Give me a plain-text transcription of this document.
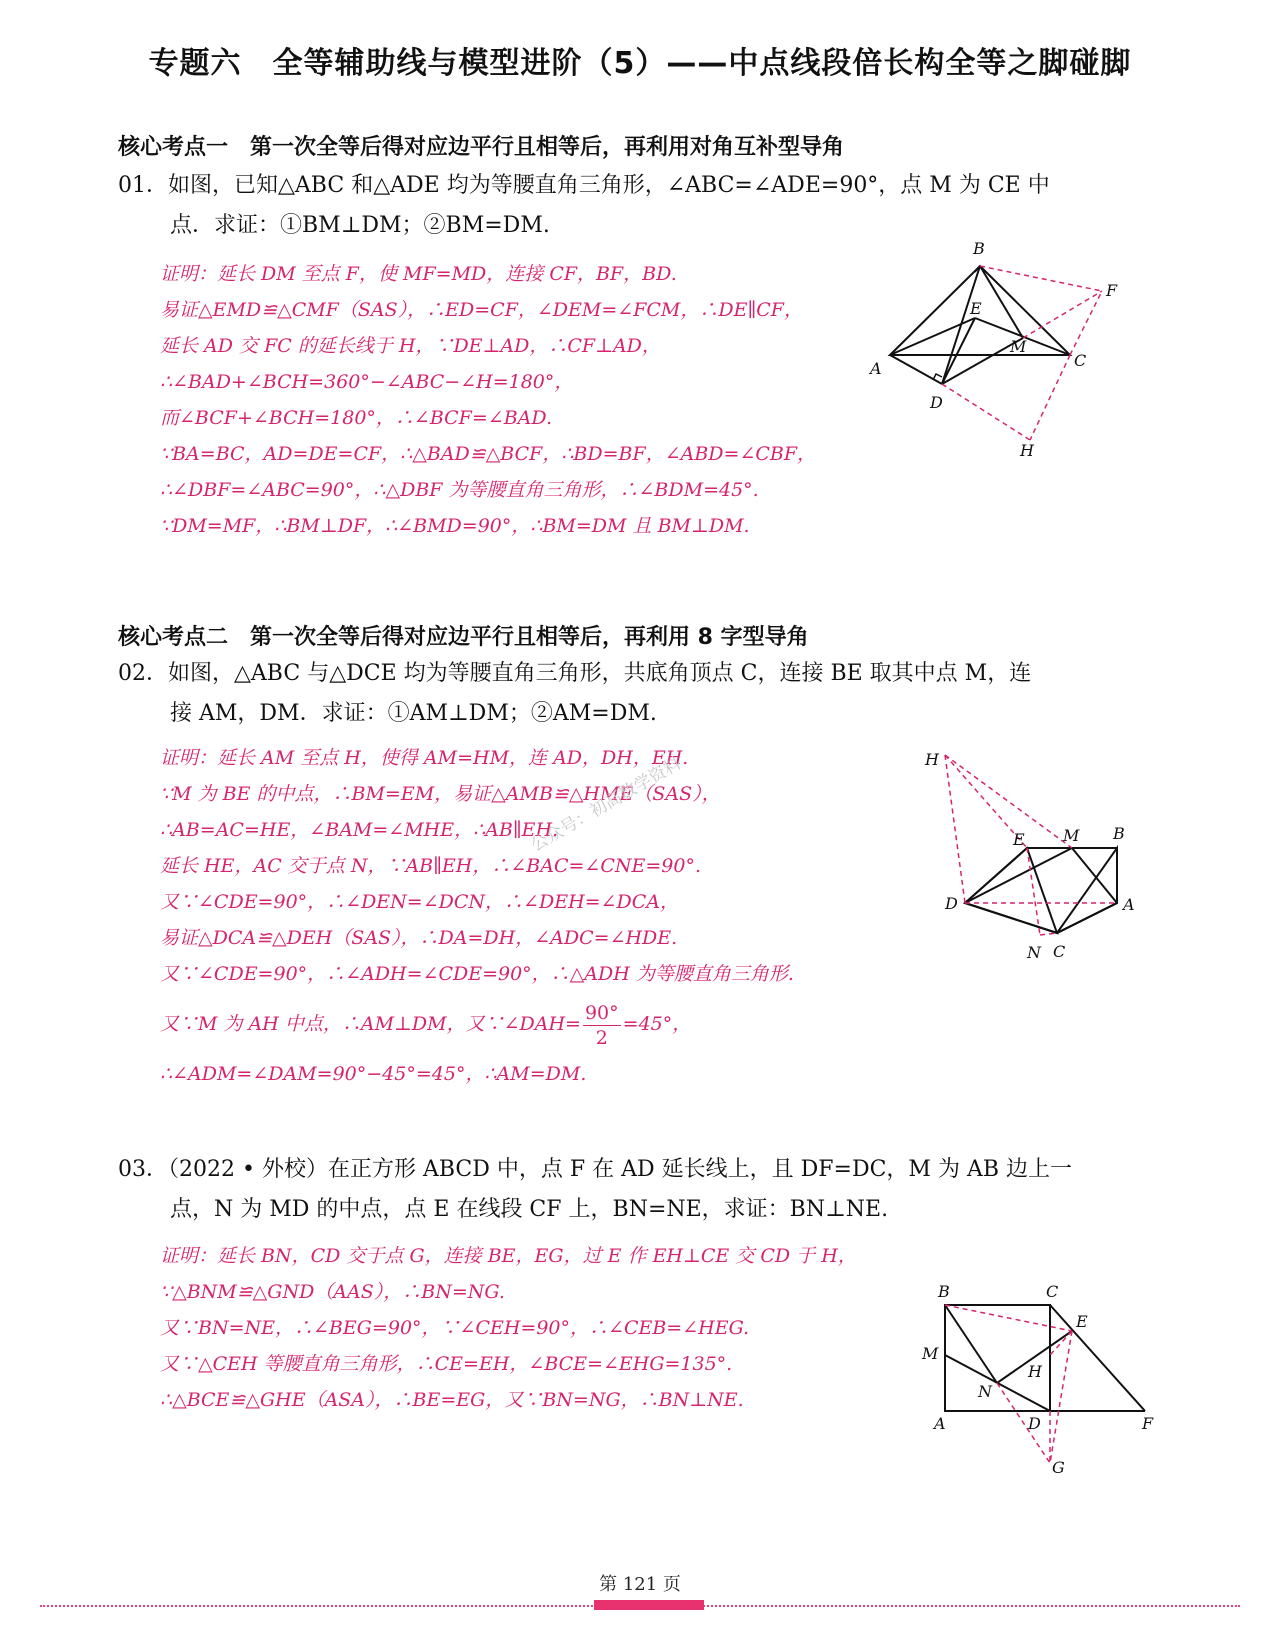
专题六　全等辅助线与模型进阶（5）——中点线段倍长构全等之脚碰脚
核心考点一　第一次全等后得对应边平行且相等后，再利用对角互补型导角
01．如图，已知△ABC 和△ADE 均为等腰直角三角形，∠ABC=∠ADE=90°，点 M 为 CE 中
点．求证：①BM⊥DM；②BM=DM.
证明：延长 DM 至点 F，使 MF=MD，连接 CF，BF，BD.
易证△EMD≌△CMF（SAS），∴ED=CF，∠DEM=∠FCM，∴DE∥CF，
延长 AD 交 FC 的延长线于 H，∵DE⊥AD，∴CF⊥AD，
∴∠BAD+∠BCH=360°−∠ABC−∠H=180°，
而∠BCF+∠BCH=180°，∴∠BCF=∠BAD.
∵BA=BC，AD=DE=CF，∴△BAD≌△BCF，∴BD=BF，∠ABD=∠CBF，
∴∠DBF=∠ABC=90°，∴△DBF 为等腰直角三角形，∴∠BDM=45°.
∵DM=MF，∴BM⊥DF，∴∠BMD=90°，∴BM=DM 且 BM⊥DM.
B
F
E
M
C
A
D
H
核心考点二　第一次全等后得对应边平行且相等后，再利用 8 字型导角
02．如图，△ABC 与△DCE 均为等腰直角三角形，共底角顶点 C，连接 BE 取其中点 M，连
接 AM，DM．求证：①AM⊥DM；②AM=DM.
证明：延长 AM 至点 H，使得 AM=HM，连 AD，DH，EH.
∵M 为 BE 的中点，∴BM=EM，易证△AMB≌△HME（SAS），
∴AB=AC=HE，∠BAM=∠MHE，∴AB∥EH.
延长 HE，AC 交于点 N，∵AB∥EH，∴∠BAC=∠CNE=90°.
又∵∠CDE=90°，∴∠DEN=∠DCN，∴∠DEH=∠DCA，
易证△DCA≌△DEH（SAS），∴DA=DH，∠ADC=∠HDE.
又∵∠CDE=90°，∴∠ADH=∠CDE=90°，∴△ADH 为等腰直角三角形.
又∵M 为 AH 中点，∴AM⊥DM，又∵∠DAH= $\frac{90^\circ}{2} =45^\circ$，
∴∠ADM=∠DAM=90°−45°=45°，∴AM=DM.
公众号：初高数学资料	H
M B
E
D	A
N C
03．（2022 • 外校）在正方形 ABCD 中，点 F 在 AD 延长线上，且 DF=DC，M 为 AB 边上一
点，N 为 MD 的中点，点 E 在线段 CF 上，BN=NE，求证：BN⊥NE.
证明：延长 BN，CD 交于点 G，连接 BE，EG，过 E 作 EH⊥CE 交 CD 于 H，
∵△BNM≌△GND（AAS），∴BN=NG.
又∵BN=NE，∴∠BEG=90°，∵∠CEH=90°，∴∠CEB=∠HEG.
又∵△CEH 等腰直角三角形，∴CE=EH，∠BCE=∠EHG=135°.
∴△BCE≌△GHE（ASA），∴BE=EG，又∵BN=NG，∴BN⊥NE.
B	C
E
M
H
N
A	D	F
G
第 121 页
